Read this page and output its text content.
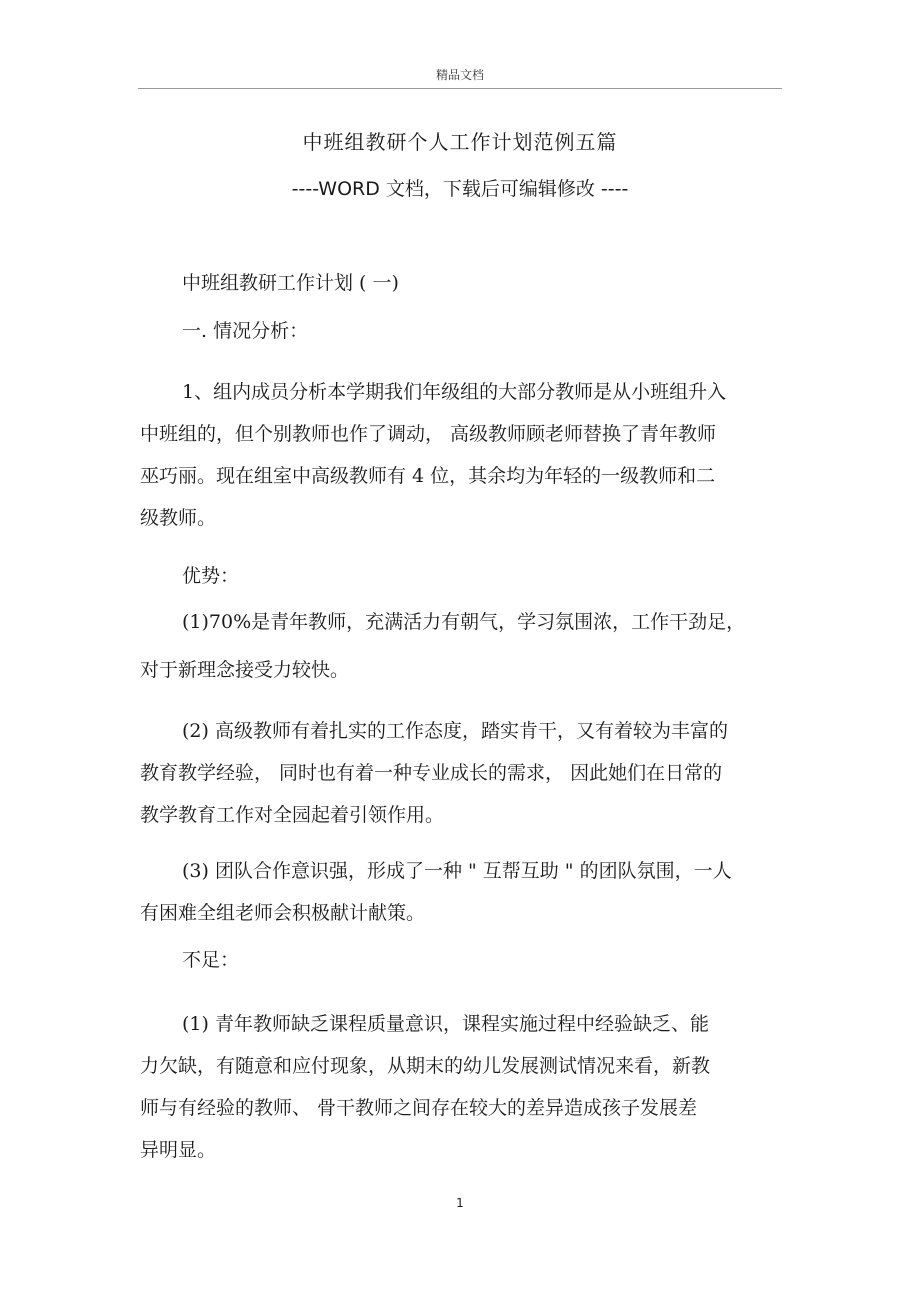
精品文档
中班组教研个人工作计划范例五篇
----WORD 文档，下载后可编辑修改 ----
中班组教研工作计划 ( 一)
一. 情况分析：
1、组内成员分析本学期我们年级组的大部分教师是从小班组升入
中班组的，但个别教师也作了调动， 高级教师顾老师替换了青年教师
巫巧丽。现在组室中高级教师有 4 位，其余均为年轻的一级教师和二
级教师。
优势：
(1)70%是青年教师，充满活力有朝气，学习氛围浓，工作干劲足，
对于新理念接受力较快。
(2) 高级教师有着扎实的工作态度，踏实肯干，又有着较为丰富的
教育教学经验， 同时也有着一种专业成长的需求， 因此她们在日常的
教学教育工作对全园起着引领作用。
(3) 团队合作意识强，形成了一种 " 互帮互助 " 的团队氛围，一人
有困难全组老师会积极献计献策。
不足：
(1) 青年教师缺乏课程质量意识，课程实施过程中经验缺乏、能
力欠缺，有随意和应付现象，从期末的幼儿发展测试情况来看，新教
师与有经验的教师、 骨干教师之间存在较大的差异造成孩子发展差
异明显。
1
